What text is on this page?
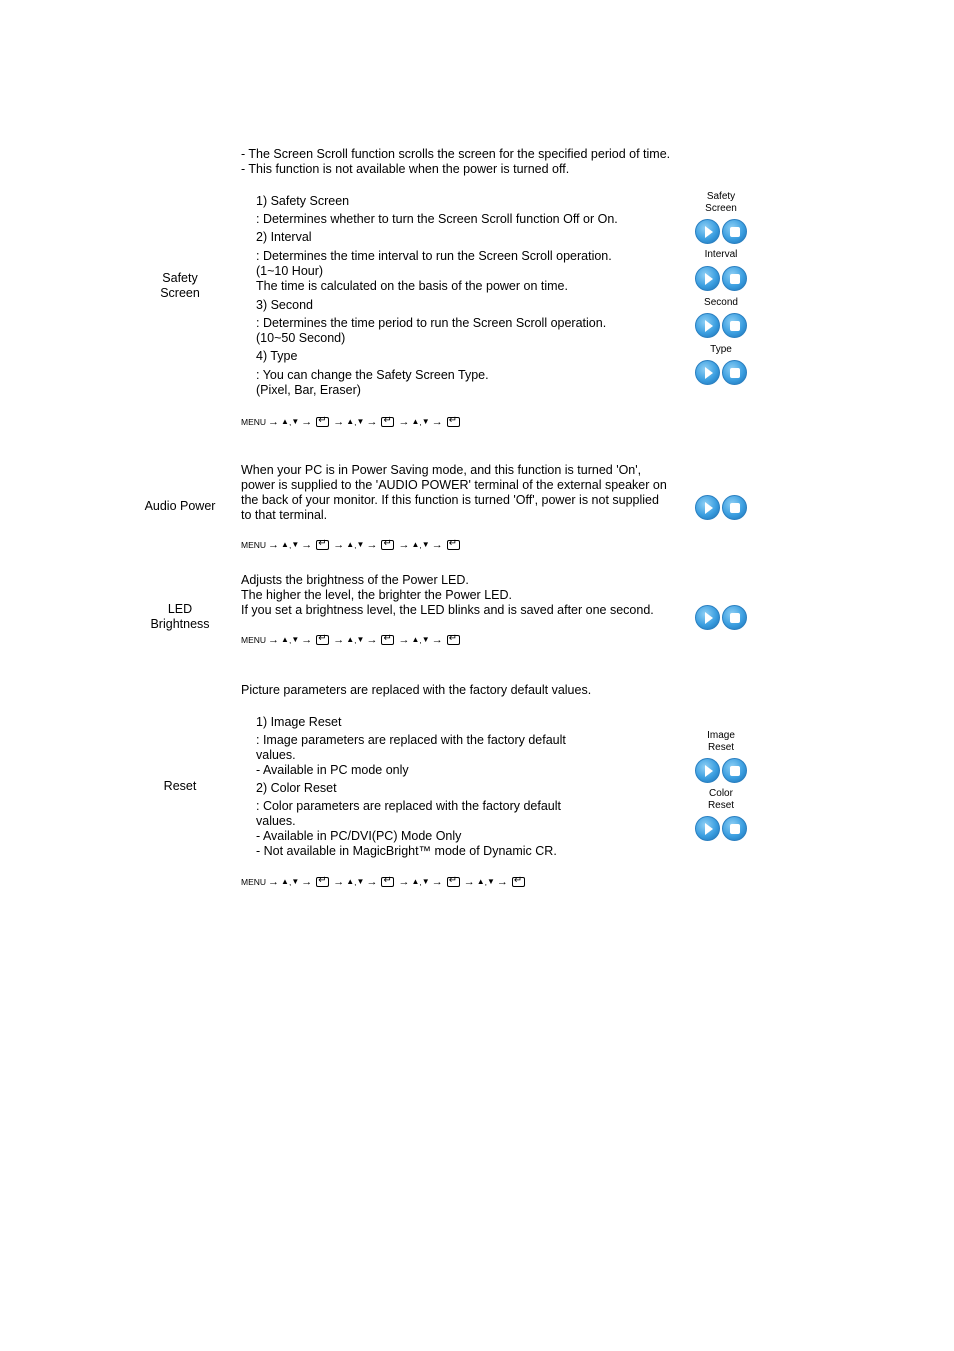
Safety
Screen

- The Screen Scroll function scrolls the screen for the specified period of time.

- This function is not available when the power is turned off.

1) Safety Screen

: Determines whether to turn the Screen Scroll function Off or On.

2) Interval

: Determines the time interval to run the Screen Scroll operation.
(1~10 Hour)
The time is calculated on the basis of the power on time.

3) Second

: Determines the time period to run the Screen Scroll operation.
(10~50 Second)

4) Type

: You can change the Safety Screen Type.
(Pixel, Bar, Eraser)

MENU → ▲ , ▼ → ↵ → ▲ , ▼ → ↵ → ▲ , ▼ →
↵
Safety
Screen
Interval
Second
Type
Audio Power

When your PC is in Power Saving mode, and this function is turned 'On', power is supplied to the 'AUDIO POWER' terminal of the external speaker on the back of your monitor. If this function is turned 'Off', power is not supplied to that terminal.

MENU → ▲ , ▼ → ↵ → ▲ , ▼ → ↵ → ▲ , ▼ →
↵
LED
Brightness

Adjusts the brightness of the Power LED.
The higher the level, the brighter the Power LED.
If you set a brightness level, the LED blinks and is saved after one second.

MENU → ▲ , ▼ → ↵ → ▲ , ▼ → ↵ → ▲ , ▼ →
↵
Reset

Picture parameters are replaced with the factory default values.

1) Image Reset

: Image parameters are replaced with the factory default values.
- Available in PC mode only

2) Color Reset

: Color parameters are replaced with the factory default values.
- Available in PC/DVI(PC) Mode Only
- Not available in MagicBright™ mode of Dynamic CR.

MENU → ▲ , ▼ → ↵ → ▲ , ▼ → ↵ → ▲ , ▼ → ↵ → ▲ , ▼ →
↵
Image
Reset
Color
Reset
